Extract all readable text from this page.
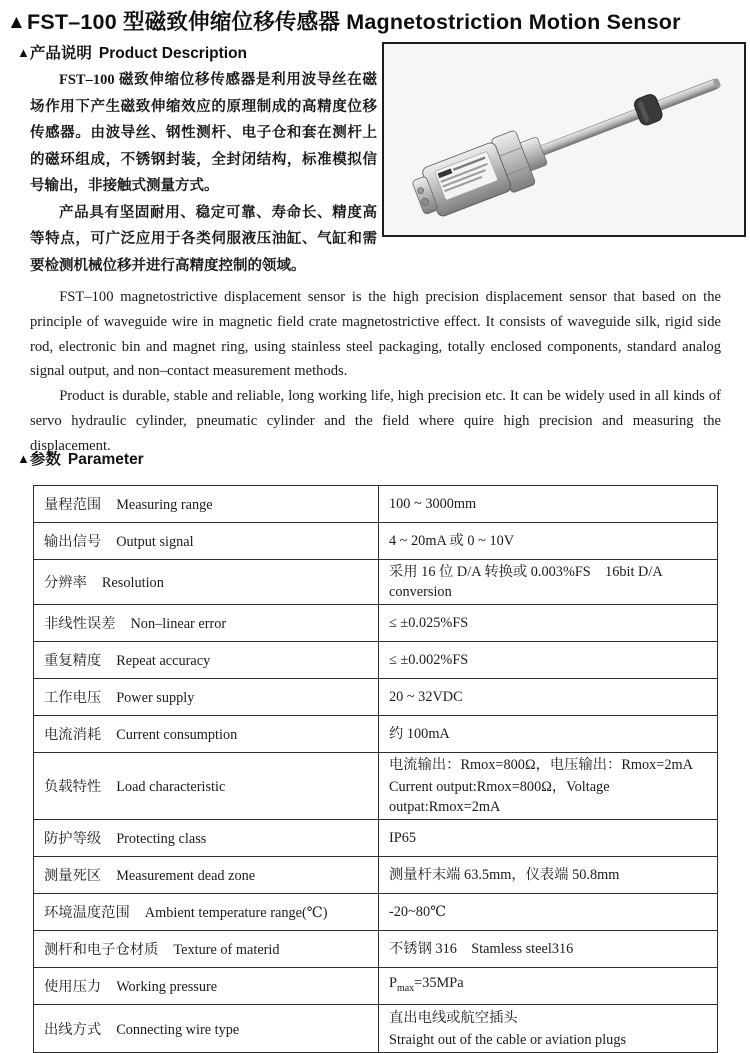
▲FST–100 型磁致伸缩位移传感器 Magnetostriction Motion Sensor
▲产品说明 Product Description

FST–100 磁致伸缩位移传感器是利用波导丝在磁场作用下产生磁致伸缩效应的原理制成的高精度位移传感器。由波导丝、钢性测杆、电子仓和套在测杆上的磁环组成，不锈钢封装，全封闭结构，标准模拟信号输出，非接触式测量方式。

产品具有坚固耐用、稳定可靠、寿命长、精度高等特点，可广泛应用于各类伺服液压油缸、气缸和需要检测机械位移并进行高精度控制的领域。

FST–100 magnetostrictive displacement sensor is the high precision displacement sensor that based on the principle of waveguide wire in magnetic field crate magnetostrictive effect. It consists of waveguide silk, rigid side rod, electronic bin and magnet ring, using stainless steel packaging, totally enclosed components, standard analog signal output, and non–contact measurement methods.

Product is durable, stable and reliable, long working life, high precision etc. It can be widely used in all kinds of servo hydraulic cylinder, pneumatic cylinder and the field where quire high precision and measuring the displacement.

▲参数 Parameter
量程范围 Measuring range	100 ~ 3000mm

输出信号 Output signal	4 ~ 20mA 或 0 ~ 10V

分辨率 Resolution	采用 16 位 D/A 转换或 0.003%FS　16bit D/A conversion

非线性误差 Non–linear error	≤ ±0.025%FS

重复精度 Repeat accuracy	≤ ±0.002%FS

工作电压 Power supply	20 ~ 32VDC

电流消耗 Current consumption	约 100mA

负载特性 Load characteristic	电流输出：Rmox=800Ω，电压输出：Rmox=2mA
Current output:Rmox=800Ω，Voltage outpat:Rmox=2mA

防护等级 Protecting class	IP65

测量死区 Measurement dead zone	测量杆末端 63.5mm，仪表端 50.8mm

环境温度范围 Ambient temperature range(℃)	-20~80℃

测杆和电子仓材质 Texture of materid	不锈钢 316　Stamless steel316

使用压力 Working pressure	$P_{max}=35MPa$

出线方式 Connecting wire type	直出电线或航空插头
Straight out of the cable or aviation plugs
